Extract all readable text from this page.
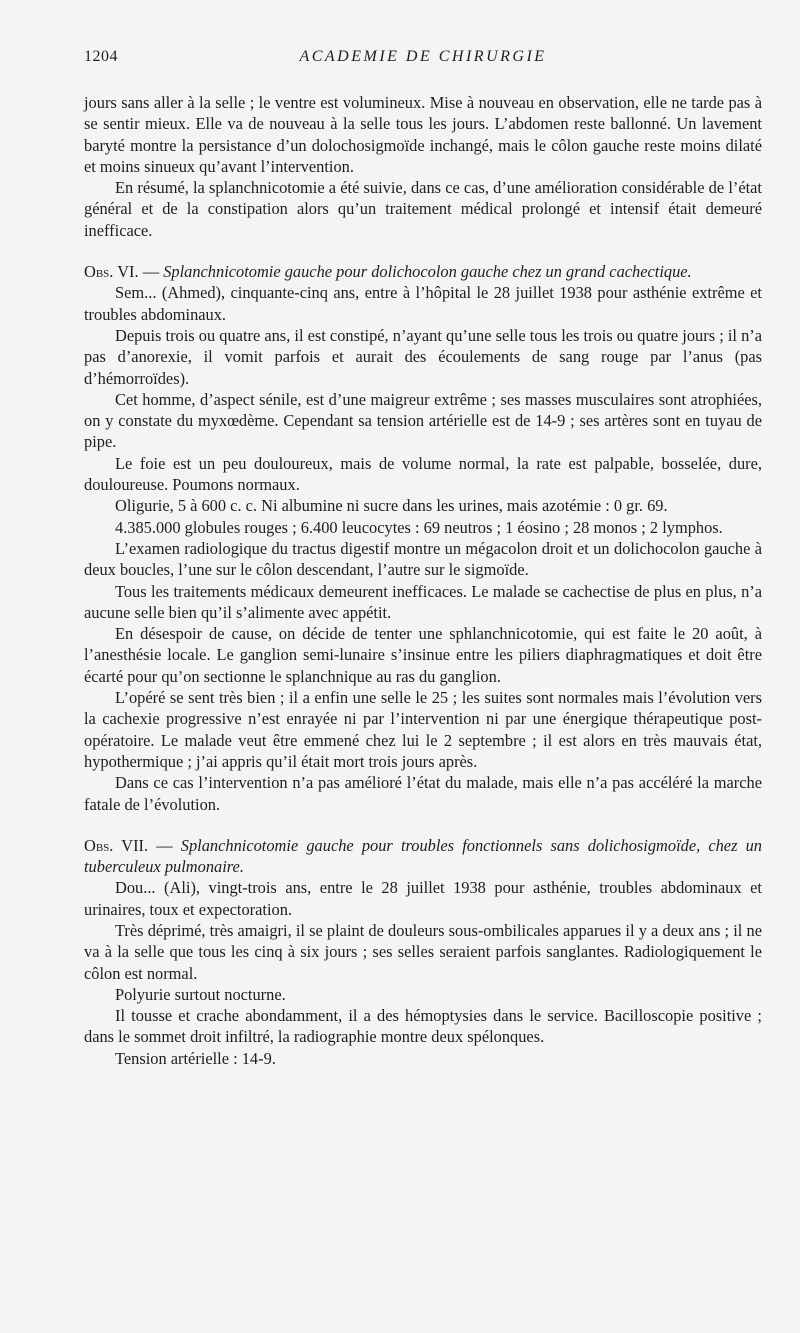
1204	ACADEMIE DE CHIRURGIE

jours sans aller à la selle ; le ventre est volumineux. Mise à nouveau en observation, elle ne tarde pas à se sentir mieux. Elle va de nouveau à la selle tous les jours. L’abdomen reste ballonné. Un lavement baryté montre la persistance d’un dolochosigmoïde inchangé, mais le côlon gauche reste moins dilaté et moins sinueux qu’avant l’intervention.

En résumé, la splanchnicotomie a été suivie, dans ce cas, d’une amélioration considérable de l’état général et de la constipation alors qu’un traitement médical prolongé et intensif était demeuré inefficace.

Obs. VI. — Splanchnicotomie gauche pour dolichocolon gauche chez un grand cachectique.

Sem... (Ahmed), cinquante-cinq ans, entre à l’hôpital le 28 juillet 1938 pour asthénie extrême et troubles abdominaux.

Depuis trois ou quatre ans, il est constipé, n’ayant qu’une selle tous les trois ou quatre jours ; il n’a pas d’anorexie, il vomit parfois et aurait des écoulements de sang rouge par l’anus (pas d’hémorroïdes).

Cet homme, d’aspect sénile, est d’une maigreur extrême ; ses masses musculaires sont atrophiées, on y constate du myxœdème. Cependant sa tension artérielle est de 14-9 ; ses artères sont en tuyau de pipe.

Le foie est un peu douloureux, mais de volume normal, la rate est palpable, bosselée, dure, douloureuse. Poumons normaux.

Oligurie, 5 à 600 c. c. Ni albumine ni sucre dans les urines, mais azotémie : 0 gr. 69.

4.385.000 globules rouges ; 6.400 leucocytes : 69 neutros ; 1 éosino ; 28 monos ; 2 lymphos.

L’examen radiologique du tractus digestif montre un mégacolon droit et un dolichocolon gauche à deux boucles, l’une sur le côlon descendant, l’autre sur le sigmoïde.

Tous les traitements médicaux demeurent inefficaces. Le malade se cachectise de plus en plus, n’a aucune selle bien qu’il s’alimente avec appétit.

En désespoir de cause, on décide de tenter une sphlanchnicotomie, qui est faite le 20 août, à l’anesthésie locale. Le ganglion semi-lunaire s’insinue entre les piliers diaphragmatiques et doit être écarté pour qu’on sectionne le splanchnique au ras du ganglion.

L’opéré se sent très bien ; il a enfin une selle le 25 ; les suites sont normales mais l’évolution vers la cachexie progressive n’est enrayée ni par l’intervention ni par une énergique thérapeutique post-opératoire. Le malade veut être emmené chez lui le 2 septembre ; il est alors en très mauvais état, hypothermique ; j’ai appris qu’il était mort trois jours après.

Dans ce cas l’intervention n’a pas amélioré l’état du malade, mais elle n’a pas accéléré la marche fatale de l’évolution.

Obs. VII. — Splanchnicotomie gauche pour troubles fonctionnels sans dolichosigmoïde, chez un tuberculeux pulmonaire.

Dou... (Ali), vingt-trois ans, entre le 28 juillet 1938 pour asthénie, troubles abdominaux et urinaires, toux et expectoration.

Très déprimé, très amaigri, il se plaint de douleurs sous-ombilicales apparues il y a deux ans ; il ne va à la selle que tous les cinq à six jours ; ses selles seraient parfois sanglantes. Radiologiquement le côlon est normal.

Polyurie surtout nocturne.

Il tousse et crache abondamment, il a des hémoptysies dans le service. Bacilloscopie positive ; dans le sommet droit infiltré, la radiographie montre deux spélonques.

Tension artérielle : 14-9.
